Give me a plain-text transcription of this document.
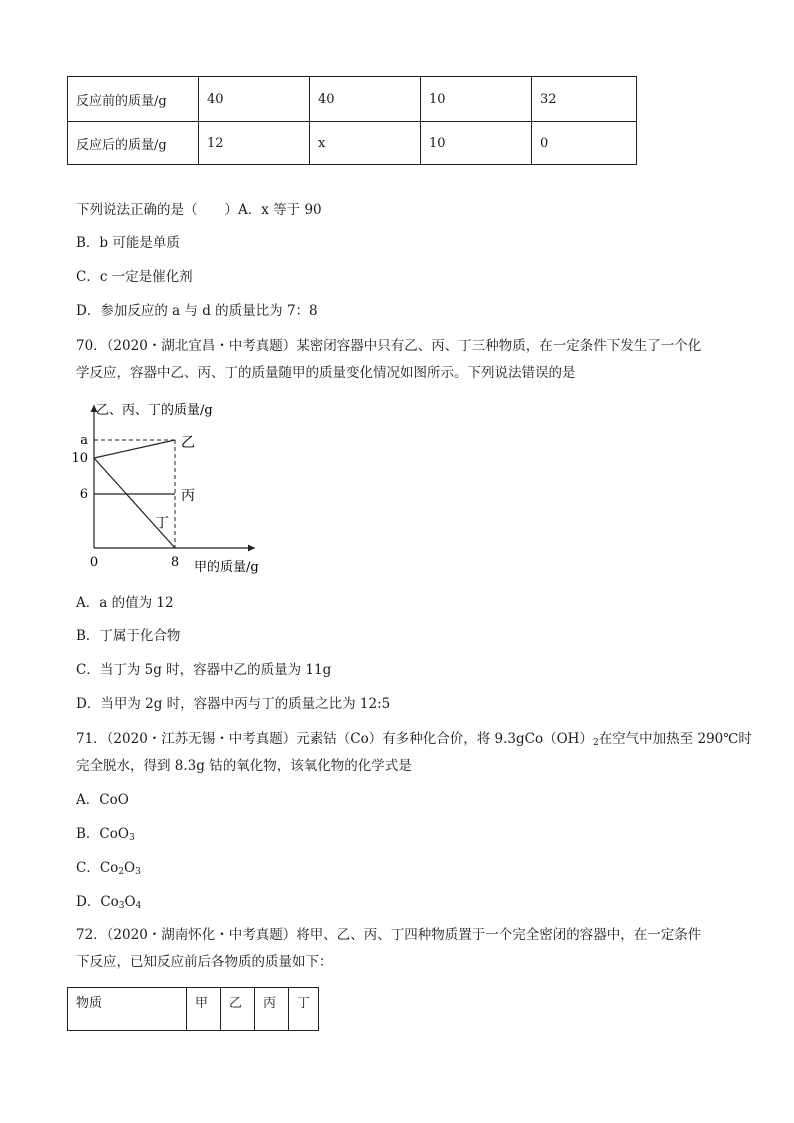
反应前的质量/g	40	40	10	32
反应后的质量/g	12	x	10	0
下列说法正确的是（　　）A．x 等于 90
B．b 可能是单质
C．c 一定是催化剂
D．参加反应的 a 与 d 的质量比为 7：8
70．（2020・湖北宜昌・中考真题）某密闭容器中只有乙、丙、丁三种物质，在一定条件下发生了一个化
学反应，容器中乙、丙、丁的质量随甲的质量变化情况如图所示。下列说法错误的是
乙、丙、丁的质量/g
甲的质量/g
a
10
6
0	8
乙
丙
丁
A．a 的值为 12
B．丁属于化合物
C．当丁为 5g 时，容器中乙的质量为 11g
D．当甲为 2g 时，容器中丙与丁的质量之比为 12:5
71．（2020・江苏无锡・中考真题）元素钴（Co）有多种化合价，将 $9.3gCo(OH)_2$在空气中加热至 290℃时
完全脱水，得到 8.3g 钴的氧化物，该氧化物的化学式是
A．CoO
B．CoO$_3$
C．$Co_2O_3$
D．$Co_3O_4$
72．（2020・湖南怀化・中考真题）将甲、乙、丙、丁四种物质置于一个完全密闭的容器中，在一定条件
下反应，已知反应前后各物质的质量如下：
物质	甲	乙	丙	丁
